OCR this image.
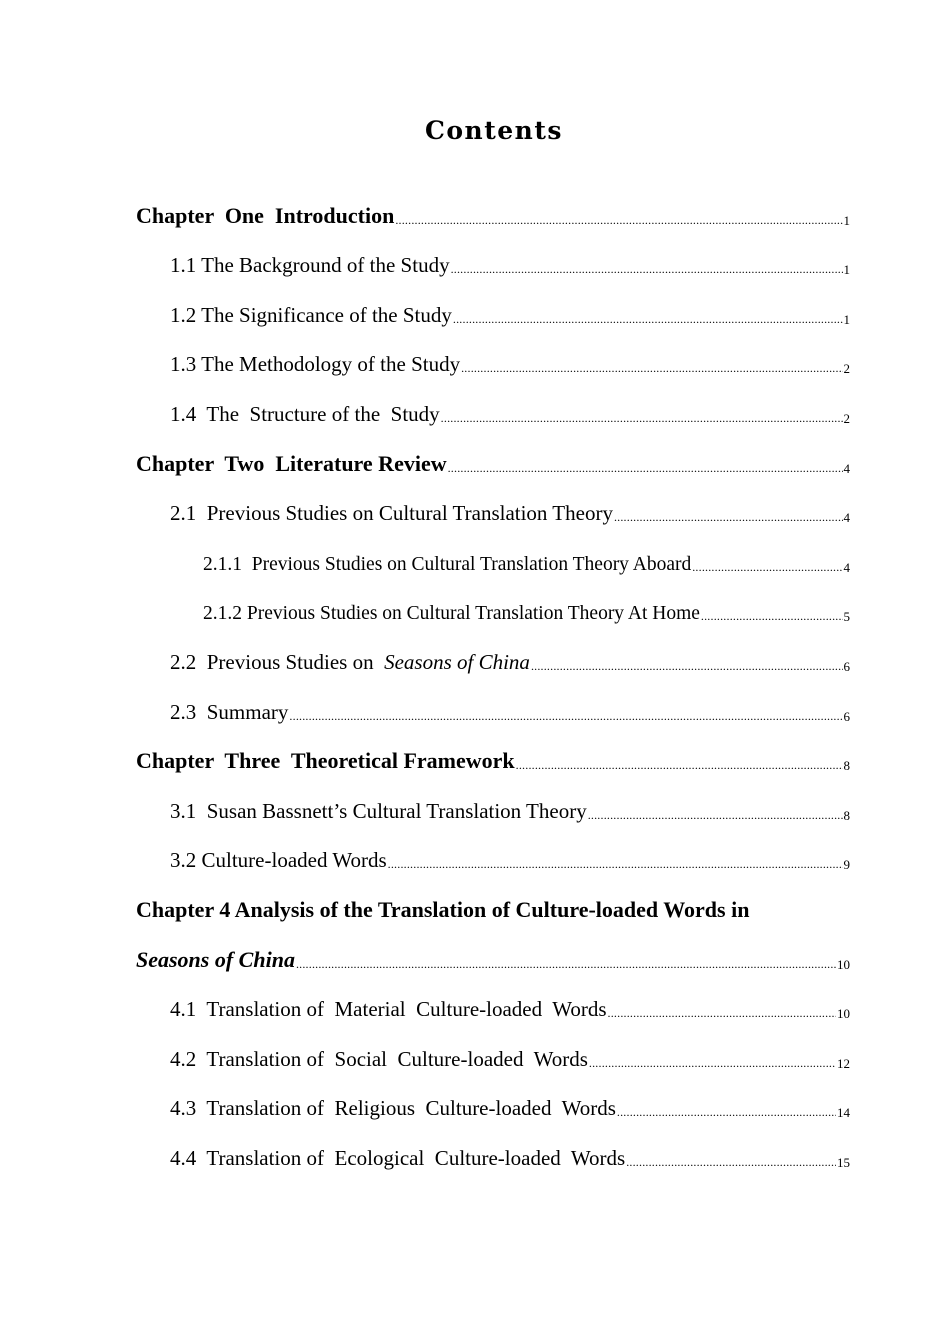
Contents
Chapter  One  Introduction .....	1
1.1 The Background of the Study .....	1
1.2 The Significance of the Study .....	1
1.3 The Methodology of the Study .....	2
1.4  The  Structure of the  Study .....	2
Chapter  Two  Literature Review .....	4
2.1  Previous Studies on Cultural Translation Theory .....	4
2.1.1  Previous Studies on Cultural Translation Theory Aboard .....	4
2.1.2 Previous Studies on Cultural Translation Theory At Home .....	5
2.2  Previous Studies on  Seasons of China .....	6
2.3  Summary .....	6
Chapter  Three  Theoretical Framework .....	8
3.1  Susan Bassnett’s Cultural Translation Theory .....	8
3.2 Culture-loaded Words .....	9
Chapter 4 Analysis of the Translation of Culture-loaded Words in
Seasons of China .....	10
4.1  Translation of  Material  Culture-loaded  Words .....	10
4.2  Translation of  Social  Culture-loaded  Words .....	12
4.3  Translation of  Religious  Culture-loaded  Words .....	14
4.4  Translation of  Ecological  Culture-loaded  Words .....	15
